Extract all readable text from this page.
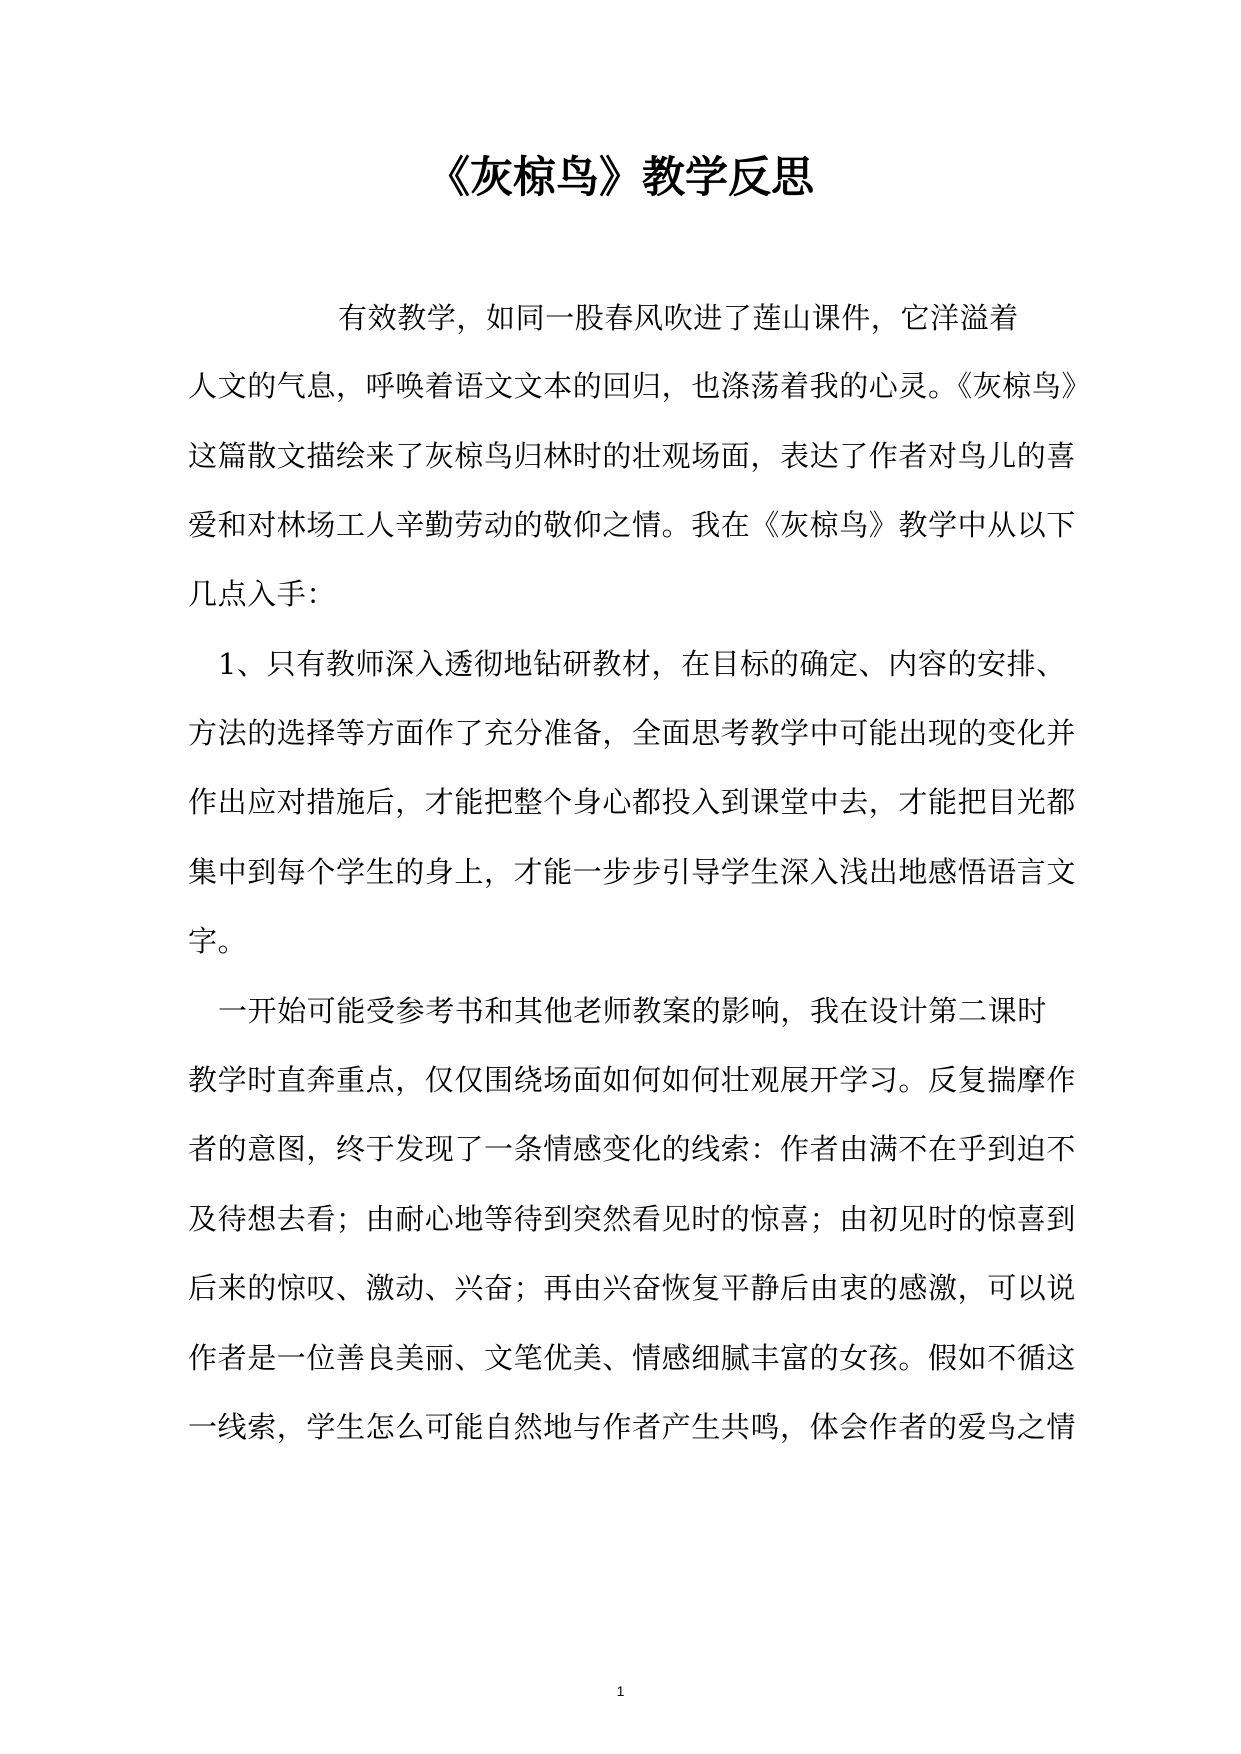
《灰椋鸟》教学反思
有效教学，如同一股春风吹进了莲山课件，它洋溢着
人文的气息，呼唤着语文文本的回归，也涤荡着我的心灵。《灰椋鸟》
这篇散文描绘来了灰椋鸟归林时的壮观场面，表达了作者对鸟儿的喜
爱和对林场工人辛勤劳动的敬仰之情。我在《灰椋鸟》教学中从以下
几点入手：
1、只有教师深入透彻地钻研教材，在目标的确定、内容的安排、
方法的选择等方面作了充分准备，全面思考教学中可能出现的变化并
作出应对措施后，才能把整个身心都投入到课堂中去，才能把目光都
集中到每个学生的身上，才能一步步引导学生深入浅出地感悟语言文
字。
一开始可能受参考书和其他老师教案的影响，我在设计第二课时
教学时直奔重点，仅仅围绕场面如何如何壮观展开学习。反复揣摩作
者的意图，终于发现了一条情感变化的线索：作者由满不在乎到迫不
及待想去看；由耐心地等待到突然看见时的惊喜；由初见时的惊喜到
后来的惊叹、激动、兴奋；再由兴奋恢复平静后由衷的感激，可以说
作者是一位善良美丽、文笔优美、情感细腻丰富的女孩。假如不循这
一线索，学生怎么可能自然地与作者产生共鸣，体会作者的爱鸟之情
1
